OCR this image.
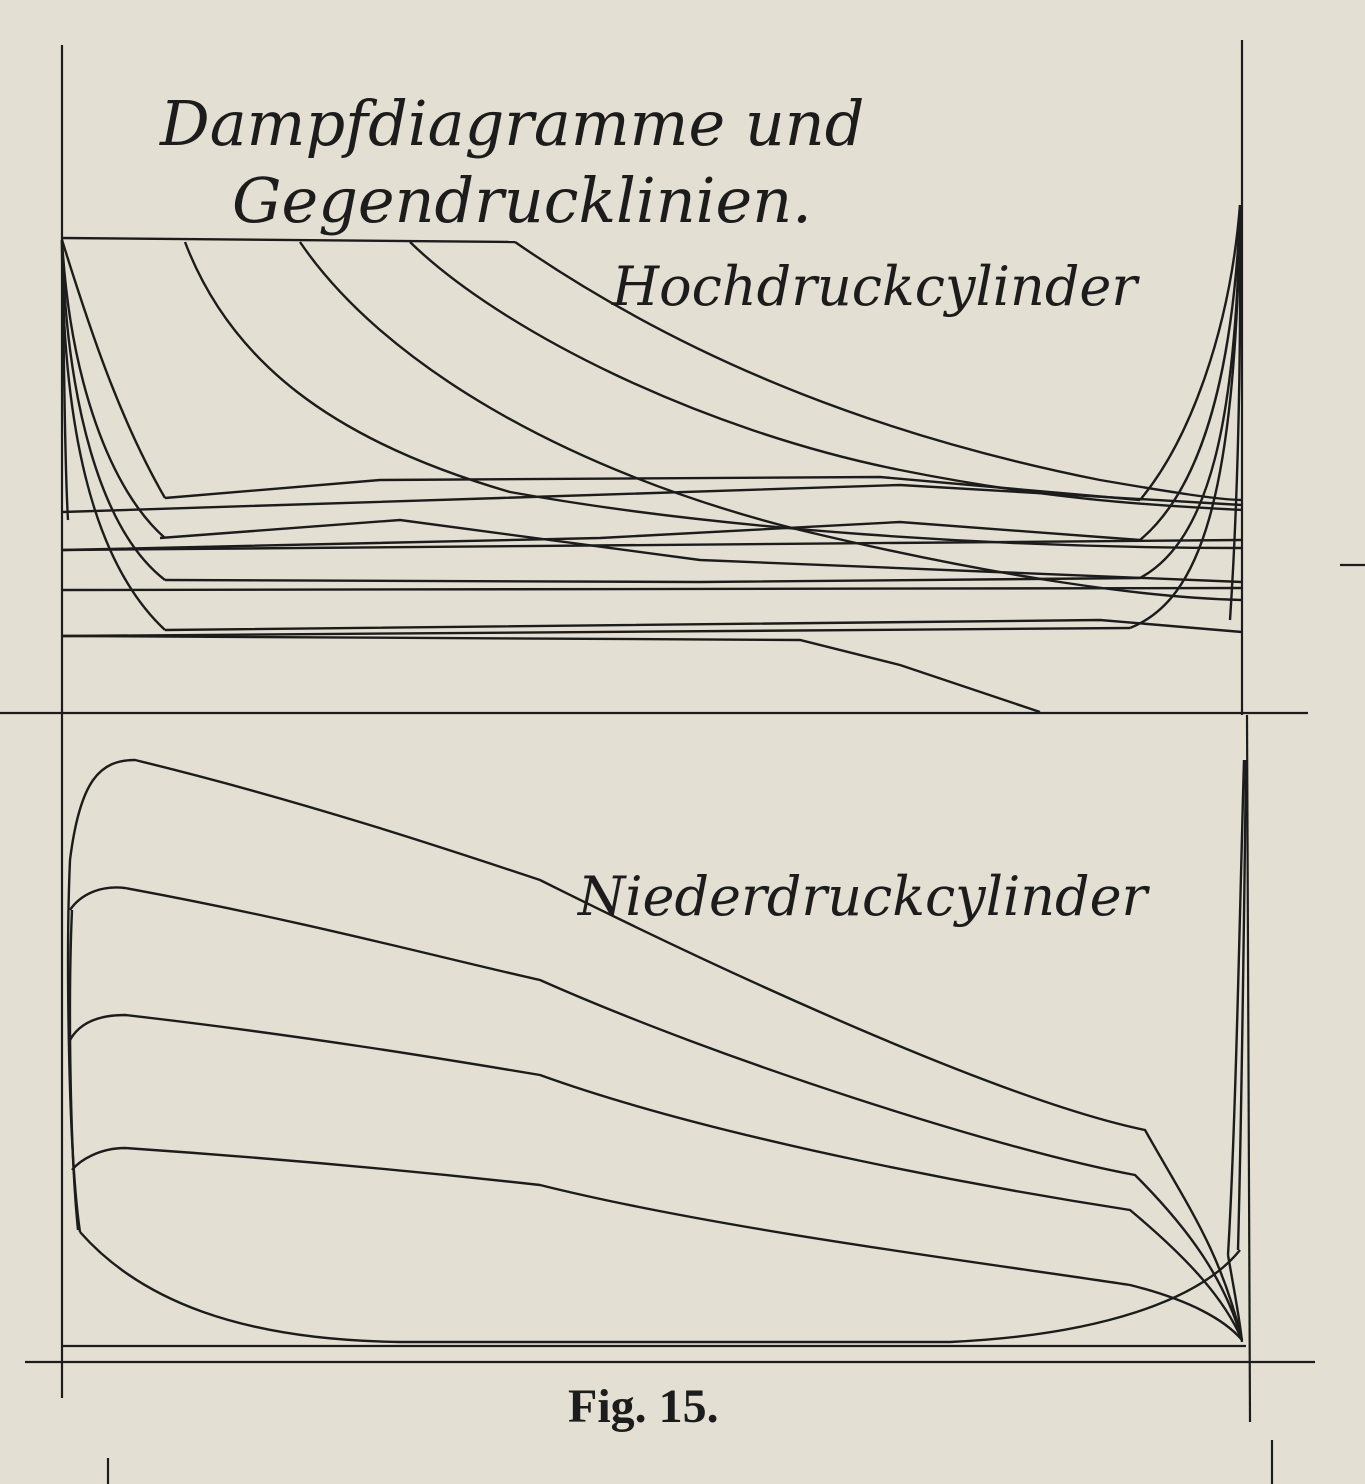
Dampfdiagramme und
Gegendrucklinien.
Hochdruckcylinder
Niederdruckcylinder
Fig. 15.
